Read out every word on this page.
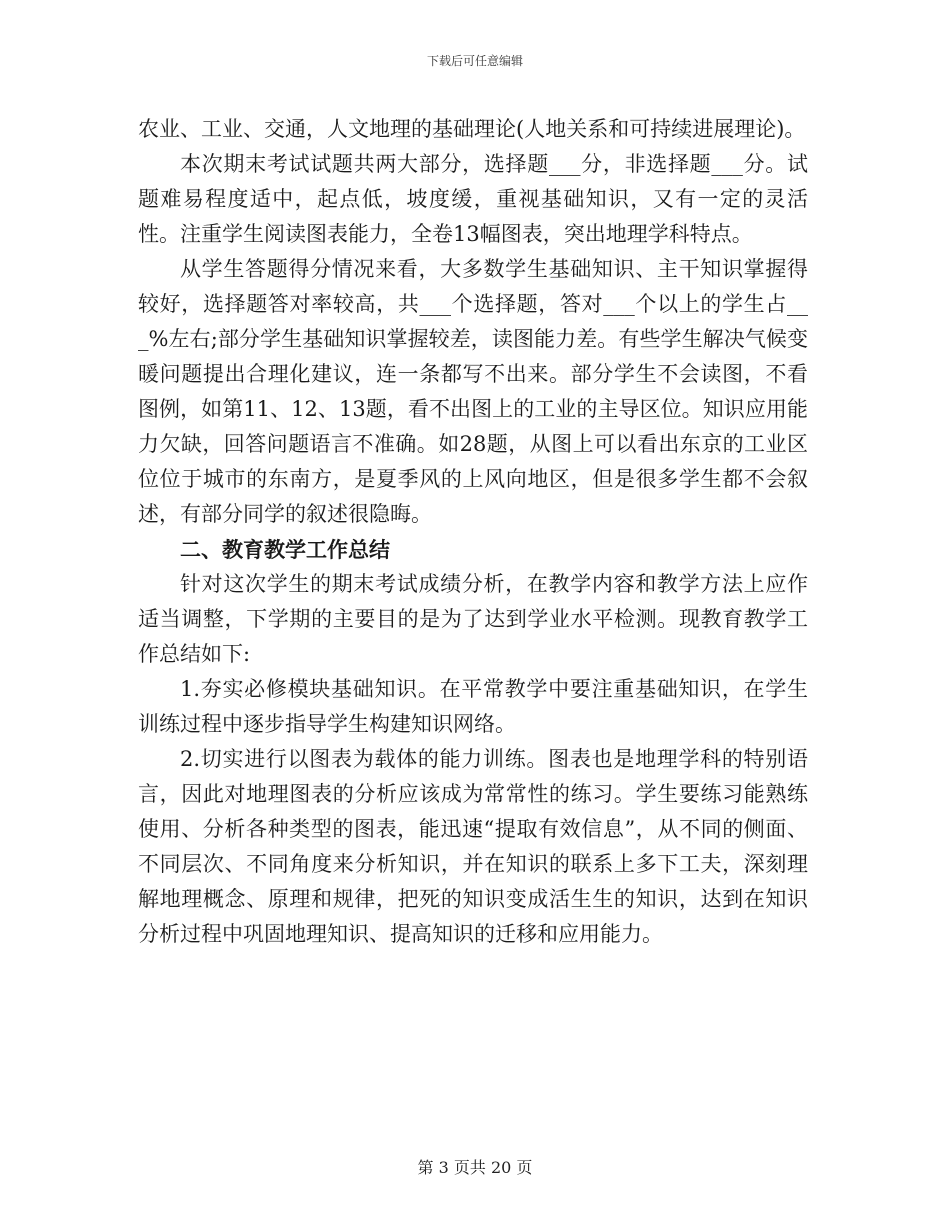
下载后可任意编辑

农业、工业、交通，人文地理的基础理论(人地关系和可持续进展理论)。

本次期末考试试题共两大部分，选择题___分，非选择题___分。试题难易程度适中，起点低，坡度缓，重视基础知识，又有一定的灵活性。注重学生阅读图表能力，全卷13幅图表，突出地理学科特点。

从学生答题得分情况来看，大多数学生基础知识、主干知识掌握得较好，选择题答对率较高，共___个选择题，答对___个以上的学生占___%左右;部分学生基础知识掌握较差，读图能力差。有些学生解决气候变暖问题提出合理化建议，连一条都写不出来。部分学生不会读图，不看图例，如第11、12、13题，看不出图上的工业的主导区位。知识应用能力欠缺，回答问题语言不准确。如28题，从图上可以看出东京的工业区位位于城市的东南方，是夏季风的上风向地区，但是很多学生都不会叙述，有部分同学的叙述很隐晦。

二、教育教学工作总结

针对这次学生的期末考试成绩分析，在教学内容和教学方法上应作适当调整，下学期的主要目的是为了达到学业水平检测。现教育教学工作总结如下:

1.夯实必修模块基础知识。在平常教学中要注重基础知识，在学生训练过程中逐步指导学生构建知识网络。

2.切实进行以图表为载体的能力训练。图表也是地理学科的特别语言，因此对地理图表的分析应该成为常常性的练习。学生要练习能熟练使用、分析各种类型的图表，能迅速“提取有效信息”，从不同的侧面、不同层次、不同角度来分析知识，并在知识的联系上多下工夫，深刻理解地理概念、原理和规律，把死的知识变成活生生的知识，达到在知识分析过程中巩固地理知识、提高知识的迁移和应用能力。

第 3 页共 20 页
